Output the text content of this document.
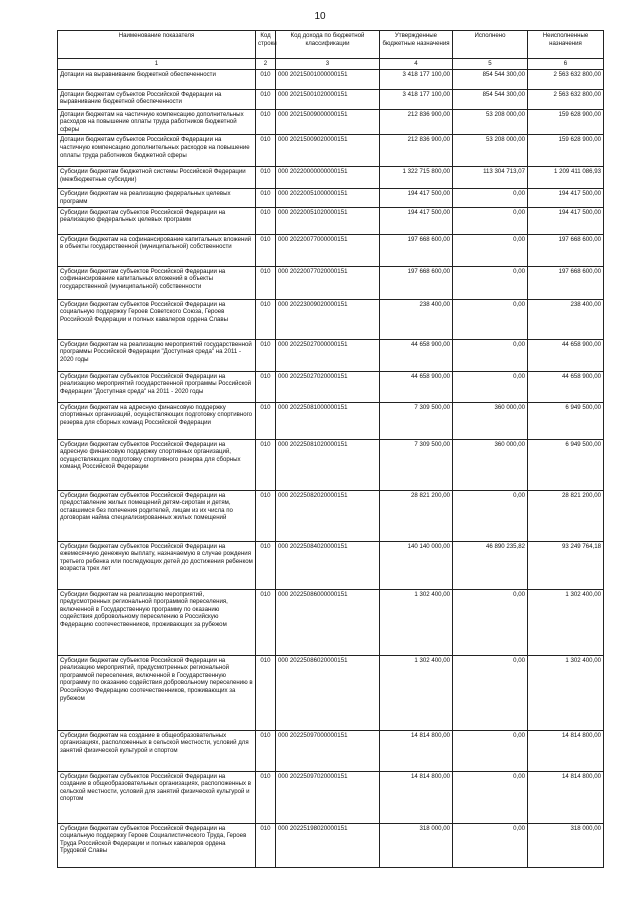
10
Наименование показателя	Код строки	Код дохода по бюджетной классификации	Утвержденные бюджетные назначения	Исполнено	Неисполненные назначения
1	2	3	4	5	6
Дотации на выравнивание бюджетной обеспеченности	010	000 20215001000000151	3 418 177 100,00	854 544 300,00	2 563 632 800,00
Дотации бюджетам субъектов Российской Федерации на выравнивание бюджетной обеспеченности	010	000 20215001020000151	3 418 177 100,00	854 544 300,00	2 563 632 800,00
Дотации бюджетам на частичную компенсацию дополнительных расходов на повышение оплаты труда работников бюджетной сферы	010	000 20215009000000151	212 836 900,00	53 208 000,00	159 628 900,00
Дотации бюджетам субъектов Российской Федерации на частичную компенсацию дополнительных расходов на повышение оплаты труда работников бюджетной сферы	010	000 20215009020000151	212 836 900,00	53 208 000,00	159 628 900,00
Субсидии бюджетам бюджетной системы Российской Федерации (межбюджетные субсидии)	010	000 20220000000000151	1 322 715 800,00	113 304 713,07	1 209 411 086,93
Субсидии бюджетам на реализацию федеральных целевых программ	010	000 20220051000000151	194 417 500,00	0,00	194 417 500,00
Субсидии бюджетам субъектов Российской Федерации на реализацию федеральных целевых программ	010	000 20220051020000151	194 417 500,00	0,00	194 417 500,00
Субсидии бюджетам на софинансирование капитальных вложений в объекты государственной (муниципальной) собственности	010	000 20220077000000151	197 668 600,00	0,00	197 668 600,00
Субсидии бюджетам субъектов Российской Федерации на софинансирование капитальных вложений в объекты государственной (муниципальной) собственности	010	000 20220077020000151	197 668 600,00	0,00	197 668 600,00
Субсидии бюджетам субъектов Российской Федерации на социальную поддержку Героев Советского Союза, Героев Российской Федерации и полных кавалеров ордена Славы	010	000 20223009020000151	238 400,00	0,00	238 400,00
Субсидии бюджетам на реализацию мероприятий государственной программы Российской Федерации "Доступная среда" на 2011 - 2020 годы	010	000 20225027000000151	44 658 900,00	0,00	44 658 900,00
Субсидии бюджетам субъектов Российской Федерации на реализацию мероприятий государственной программы Российской Федерации "Доступная среда" на 2011 - 2020 годы	010	000 20225027020000151	44 658 900,00	0,00	44 658 900,00
Субсидии бюджетам на адресную финансовую поддержку спортивных организаций, осуществляющих подготовку спортивного резерва для сборных команд Российской Федерации	010	000 20225081000000151	7 309 500,00	360 000,00	6 949 500,00
Субсидии бюджетам субъектов Российской Федерации на адресную финансовую поддержку спортивных организаций, осуществляющих подготовку спортивного резерва для сборных команд Российской Федерации	010	000 20225081020000151	7 309 500,00	360 000,00	6 949 500,00
Субсидии бюджетам субъектов Российской Федерации на предоставление жилых помещений детям-сиротам и детям, оставшимся без попечения родителей, лицам из их числа по договорам найма специализированных жилых помещений	010	000 20225082020000151	28 821 200,00	0,00	28 821 200,00
Субсидии бюджетам субъектов Российской Федерации на ежемесячную денежную выплату, назначаемую в случае рождения третьего ребенка или последующих детей до достижения ребенком возраста трех лет	010	000 20225084020000151	140 140 000,00	46 890 235,82	93 249 764,18
Субсидии бюджетам на реализацию мероприятий, предусмотренных региональной программой переселения, включенной в Государственную программу по оказанию содействия добровольному переселению в Российскую Федерацию соотечественников, проживающих за рубежом	010	000 20225086000000151	1 302 400,00	0,00	1 302 400,00
Субсидии бюджетам субъектов Российской Федерации на реализацию мероприятий, предусмотренных региональной программой переселения, включенной в Государственную программу по оказанию содействия добровольному переселению в Российскую Федерацию соотечественников, проживающих за рубежом	010	000 20225086020000151	1 302 400,00	0,00	1 302 400,00
Субсидии бюджетам на создание в общеобразовательных организациях, расположенных в сельской местности, условий для занятий физической культурой и спортом	010	000 20225097000000151	14 814 800,00	0,00	14 814 800,00
Субсидии бюджетам субъектов Российской Федерации на создание в общеобразовательных организациях, расположенных в сельской местности, условий для занятий физической культурой и спортом	010	000 20225097020000151	14 814 800,00	0,00	14 814 800,00
Субсидии бюджетам субъектов Российской Федерации на социальную поддержку Героев Социалистического Труда, Героев Труда Российской Федерации и полных кавалеров ордена Трудовой Славы	010	000 20225198020000151	318 000,00	0,00	318 000,00
